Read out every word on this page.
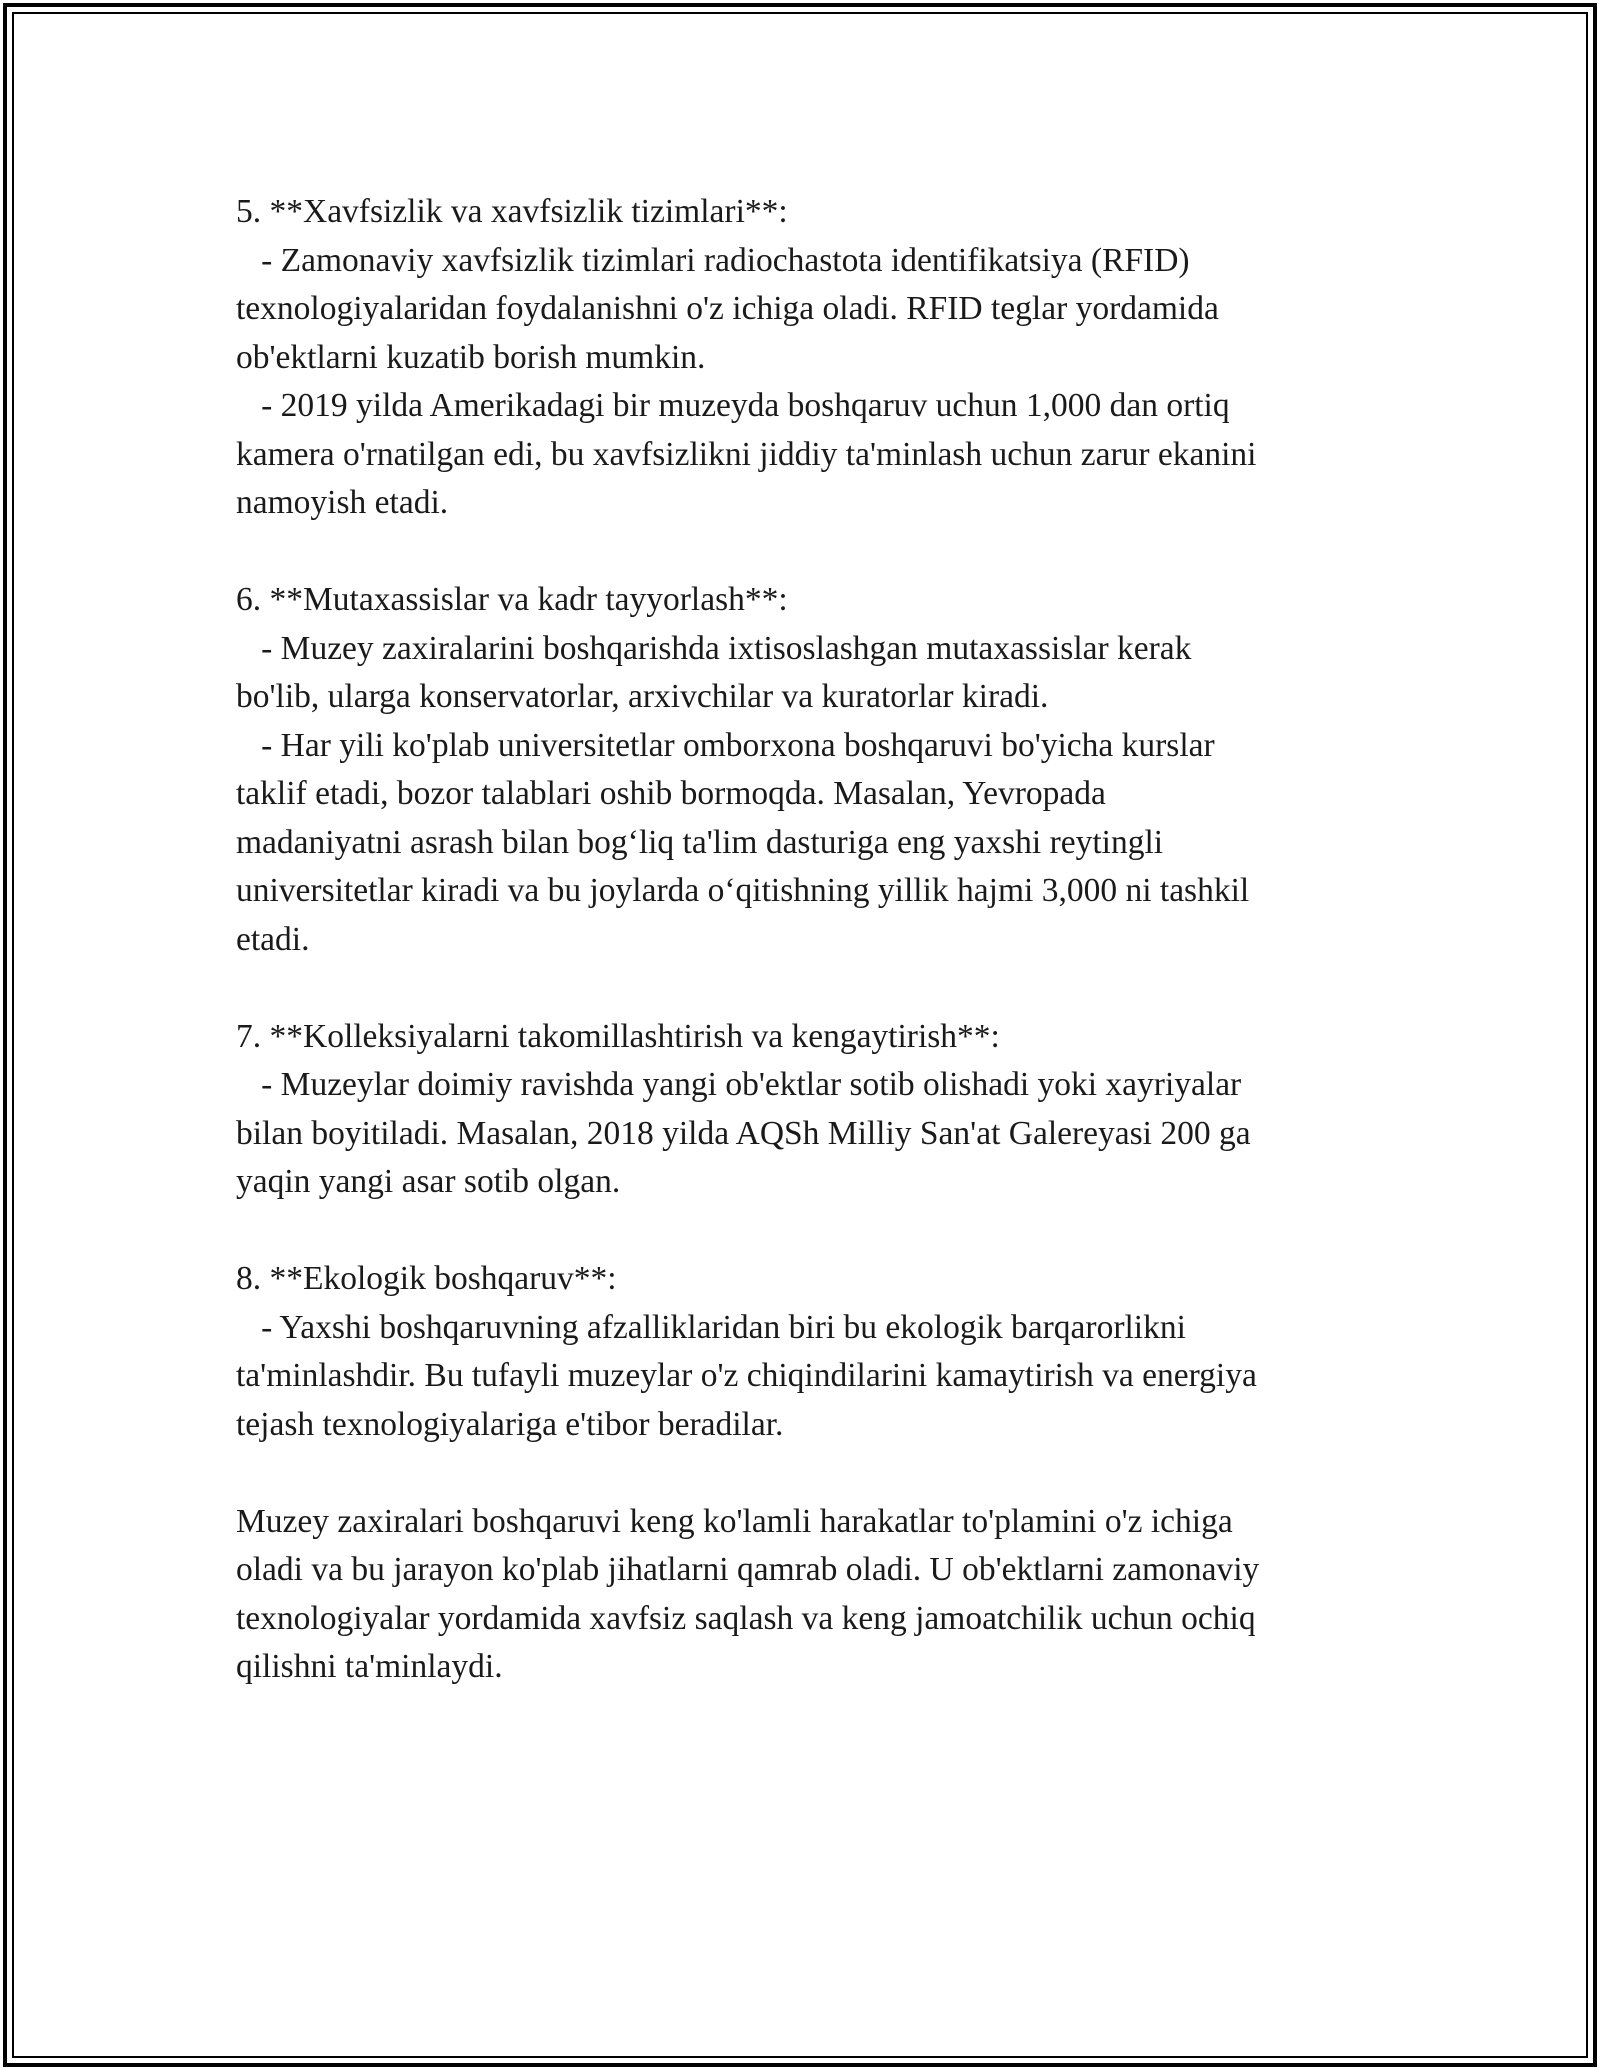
5. **Xavfsizlik va xavfsizlik tizimlari**:
- Zamonaviy xavfsizlik tizimlari radiochastota identifikatsiya (RFID)
texnologiyalaridan foydalanishni o'z ichiga oladi. RFID teglar yordamida
ob'ektlarni kuzatib borish mumkin.
- 2019 yilda Amerikadagi bir muzeyda boshqaruv uchun 1,000 dan ortiq
kamera o'rnatilgan edi, bu xavfsizlikni jiddiy ta'minlash uchun zarur ekanini
namoyish etadi.
6. **Mutaxassislar va kadr tayyorlash**:
- Muzey zaxiralarini boshqarishda ixtisoslashgan mutaxassislar kerak
bo'lib, ularga konservatorlar, arxivchilar va kuratorlar kiradi.
- Har yili ko'plab universitetlar omborxona boshqaruvi bo'yicha kurslar
taklif etadi, bozor talablari oshib bormoqda. Masalan, Yevropada
madaniyatni asrash bilan bog‘liq ta'lim dasturiga eng yaxshi reytingli
universitetlar kiradi va bu joylarda o‘qitishning yillik hajmi 3,000 ni tashkil
etadi.
7. **Kolleksiyalarni takomillashtirish va kengaytirish**:
- Muzeylar doimiy ravishda yangi ob'ektlar sotib olishadi yoki xayriyalar
bilan boyitiladi. Masalan, 2018 yilda AQSh Milliy San'at Galereyasi 200 ga
yaqin yangi asar sotib olgan.
8. **Ekologik boshqaruv**:
- Yaxshi boshqaruvning afzalliklaridan biri bu ekologik barqarorlikni
ta'minlashdir. Bu tufayli muzeylar o'z chiqindilarini kamaytirish va energiya
tejash texnologiyalariga e'tibor beradilar.
Muzey zaxiralari boshqaruvi keng ko'lamli harakatlar to'plamini o'z ichiga
oladi va bu jarayon ko'plab jihatlarni qamrab oladi. U ob'ektlarni zamonaviy
texnologiyalar yordamida xavfsiz saqlash va keng jamoatchilik uchun ochiq
qilishni ta'minlaydi.
